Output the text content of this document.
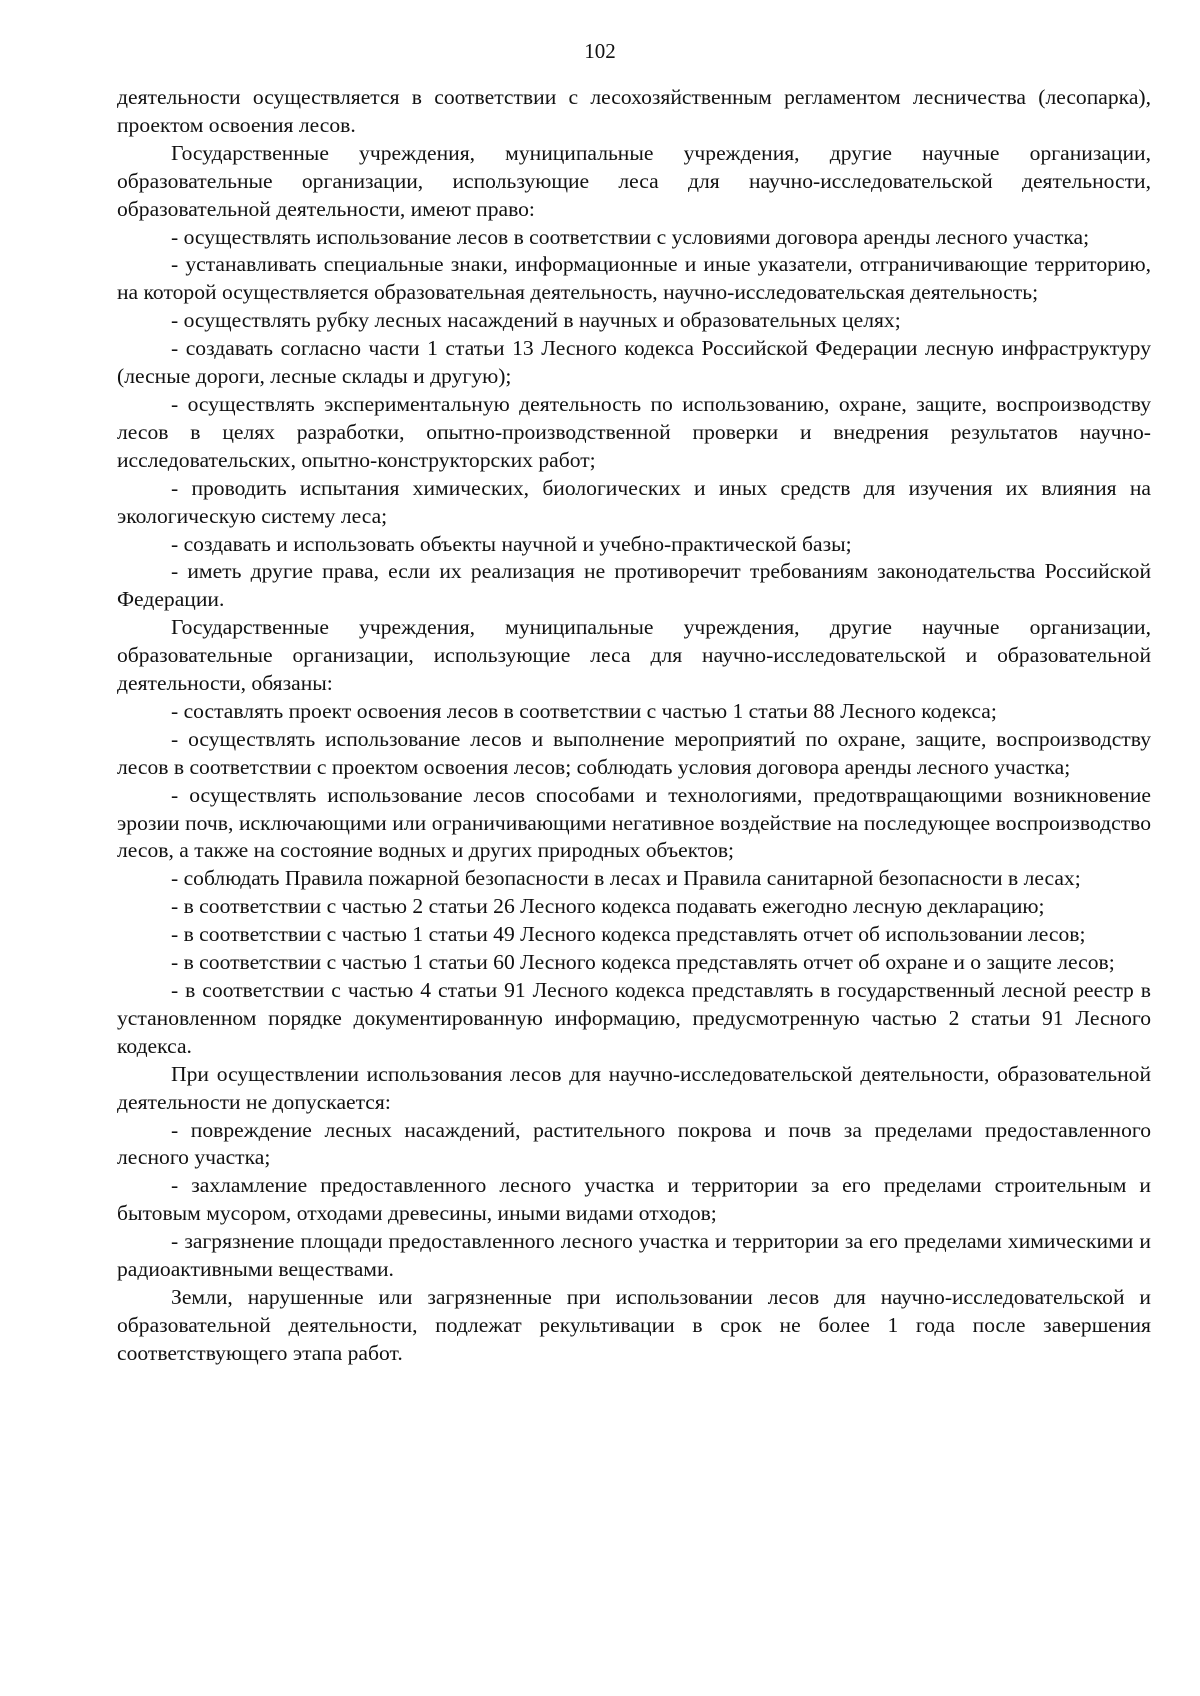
102

деятельности осуществляется в соответствии с лесохозяйственным регламентом лесничества (лесопарка), проектом освоения лесов.

Государственные учреждения, муниципальные учреждения, другие научные организации, образовательные организации, использующие леса для научно-исследовательской деятельности, образовательной деятельности, имеют право:

- осуществлять использование лесов в соответствии с условиями договора аренды лесного участка;

- устанавливать специальные знаки, информационные и иные указатели, отграничивающие территорию, на которой осуществляется образовательная деятельность, научно-исследовательская деятельность;

- осуществлять рубку лесных насаждений в научных и образовательных целях;

- создавать согласно части 1 статьи 13 Лесного кодекса Российской Федерации лесную инфраструктуру (лесные дороги, лесные склады и другую);

- осуществлять экспериментальную деятельность по использованию, охране, защите, воспроизводству лесов в целях разработки, опытно-производственной проверки и внедрения результатов научно-исследовательских, опытно-конструкторских работ;

- проводить испытания химических, биологических и иных средств для изучения их влияния на экологическую систему леса;

- создавать и использовать объекты научной и учебно-практической базы;

- иметь другие права, если их реализация не противоречит требованиям законодательства Российской Федерации.

Государственные учреждения, муниципальные учреждения, другие научные организации, образовательные организации, использующие леса для научно-исследовательской и образовательной деятельности, обязаны:

- составлять проект освоения лесов в соответствии с частью 1 статьи 88 Лесного кодекса;

- осуществлять использование лесов и выполнение мероприятий по охране, защите, воспроизводству лесов в соответствии с проектом освоения лесов; соблюдать условия договора аренды лесного участка;

- осуществлять использование лесов способами и технологиями, предотвращающими возникновение эрозии почв, исключающими или ограничивающими негативное воздействие на последующее воспроизводство лесов, а также на состояние водных и других природных объектов;

- соблюдать Правила пожарной безопасности в лесах и Правила санитарной безопасности в лесах;

- в соответствии с частью 2 статьи 26 Лесного кодекса подавать ежегодно лесную декларацию;

- в соответствии с частью 1 статьи 49 Лесного кодекса представлять отчет об использовании лесов;

- в соответствии с частью 1 статьи 60 Лесного кодекса представлять отчет об охране и о защите лесов;

- в соответствии с частью 4 статьи 91 Лесного кодекса представлять в государственный лесной реестр в установленном порядке документированную информацию, предусмотренную частью 2 статьи 91 Лесного кодекса.

При осуществлении использования лесов для научно-исследовательской деятельности, образовательной деятельности не допускается:

- повреждение лесных насаждений, растительного покрова и почв за пределами предоставленного лесного участка;

- захламление предоставленного лесного участка и территории за его пределами строительным и бытовым мусором, отходами древесины, иными видами отходов;

- загрязнение площади предоставленного лесного участка и территории за его пределами химическими и радиоактивными веществами.

Земли, нарушенные или загрязненные при использовании лесов для научно-исследовательской и образовательной деятельности, подлежат рекультивации в срок не более 1 года после завершения соответствующего этапа работ.
